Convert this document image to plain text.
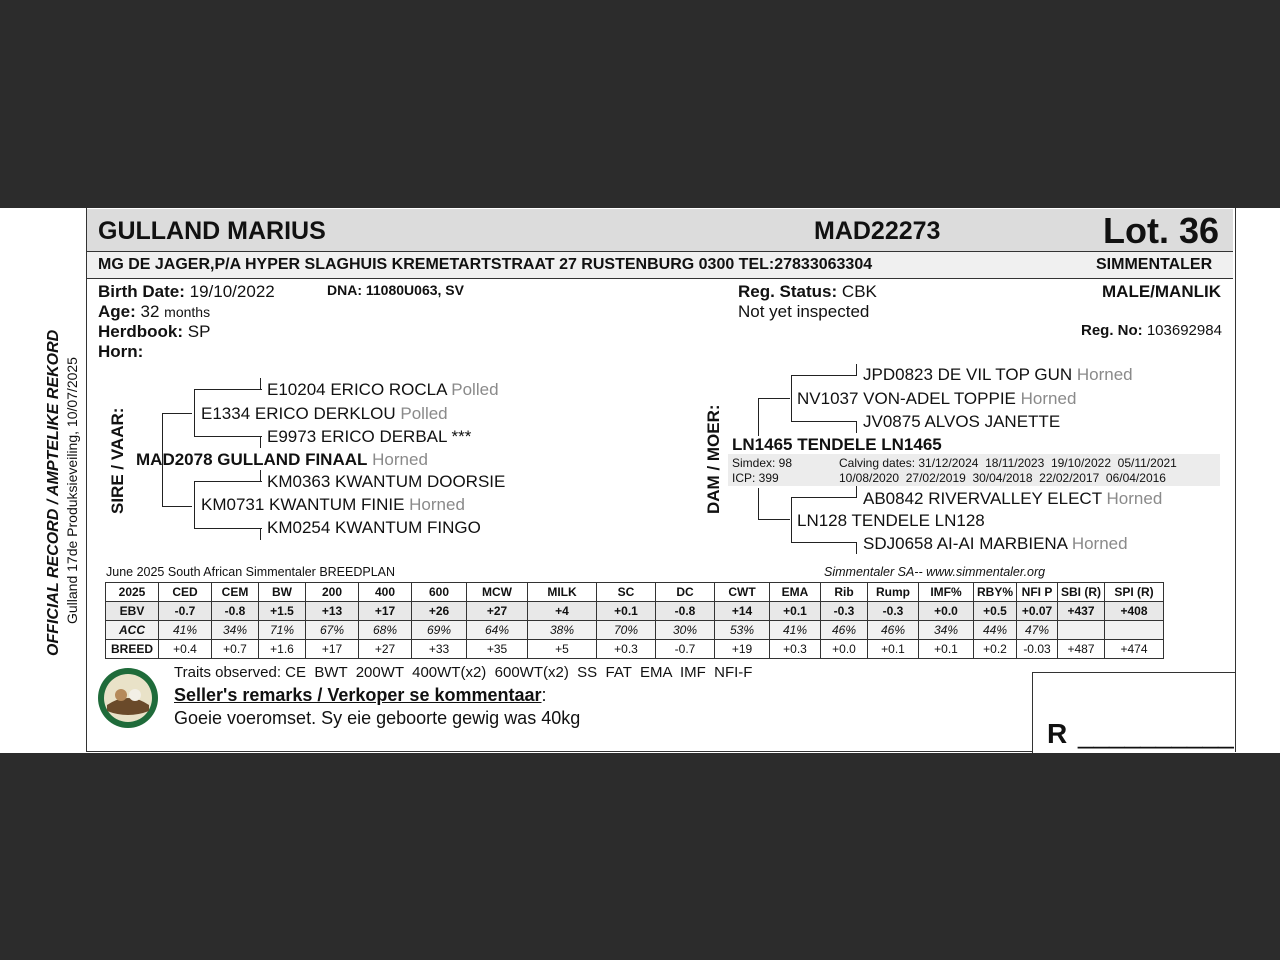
GULLAND MARIUS	MAD22273	Lot. 36
MG DE JAGER,P/A HYPER SLAGHUIS KREMETARTSTRAAT 27 RUSTENBURG 0300 TEL:27833063304	SIMMENTALER
Birth Date: 19/10/2022	DNA: 11080U063, SV
Age: 32 months
Herdbook: SP
Horn:
Reg. Status: CBK
Not yet inspected
MALE/MANLIK
Reg. No: 103692984
OFFICIAL RECORD / AMPTELIKE REKORD Gulland 17de Produksieveiling, 10/07/2025 SIRE / VAAR:	DAM / MOER:
E10204 ERICO ROCLA Polled
E1334 ERICO DERKLOU Polled
E9973 ERICO DERBAL ***
MAD2078 GULLAND FINAAL Horned
KM0363 KWANTUM DOORSIE
KM0731 KWANTUM FINIE Horned
KM0254 KWANTUM FINGO
JPD0823 DE VIL TOP GUN Horned
NV1037 VON-ADEL TOPPIE Horned
JV0875 ALVOS JANETTE
LN1465 TENDELE LN1465
Simdex: 98
ICP: 399
Calving dates: 31/12/2024  18/11/2023  19/10/2022  05/11/2021
10/08/2020  27/02/2019  30/04/2018  22/02/2017  06/04/2016
AB0842 RIVERVALLEY ELECT Horned
LN128 TENDELE LN128
SDJ0658 AI-AI MARBIENA Horned
June 2025 South African Simmentaler BREEDPLAN	Simmentaler SA-- www.simmentaler.org
2025	CED	CEM	BW	200	400	600	MCW	MILK	SC	DC	CWT	EMA	Rib	Rump	IMF%	RBY%	NFI P	SBI (R)	SPI (R)
EBV	-0.7	-0.8	+1.5	+13	+17	+26	+27	+4	+0.1	-0.8	+14	+0.1	-0.3	-0.3	+0.0	+0.5	+0.07	+437	+408
ACC	41%	34%	71%	67%	68%	69%	64%	38%	70%	30%	53%	41%	46%	46%	34%	44%	47%		
BREED	+0.4	+0.7	+1.6	+17	+27	+33	+35	+5	+0.3	-0.7	+19	+0.3	+0.0	+0.1	+0.1	+0.2	-0.03	+487	+474
Traits observed: CE  BWT  200WT  400WT(x2)  600WT(x2)  SS  FAT  EMA  IMF  NFI-F
Seller's remarks / Verkoper se kommentaar:
Goeie voeromset. Sy eie geboorte gewig was 40kg	R __________
